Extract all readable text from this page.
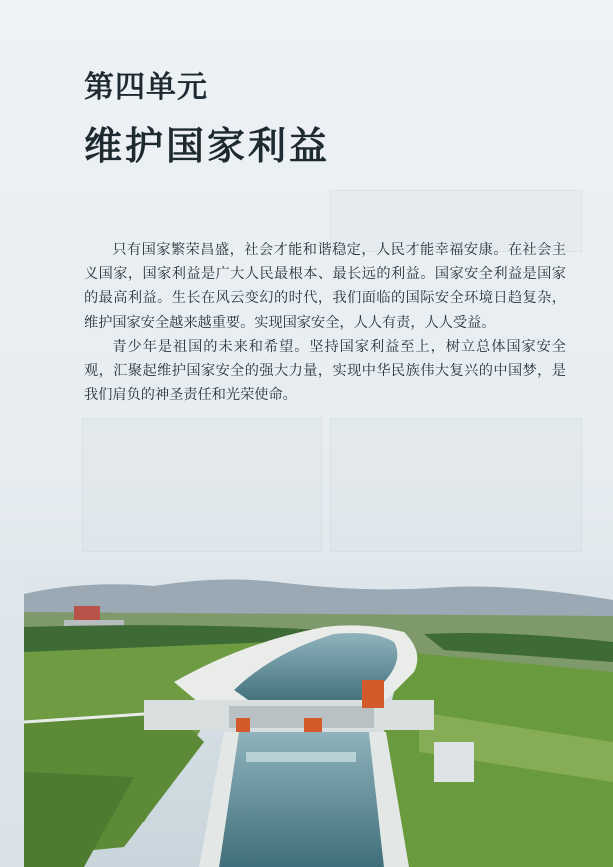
第四单元
维护国家利益

只有国家繁荣昌盛，社会才能和谐稳定，人民才能幸福安康。在社会主义国家，国家利益是广大人民最根本、最长远的利益。国家安全利益是国家的最高利益。生长在风云变幻的时代，我们面临的国际安全环境日趋复杂，维护国家安全越来越重要。实现国家安全，人人有责，人人受益。

青少年是祖国的未来和希望。坚持国家利益至上，树立总体国家安全观，汇聚起维护国家安全的强大力量，实现中华民族伟大复兴的中国梦，是我们肩负的神圣责任和光荣使命。
